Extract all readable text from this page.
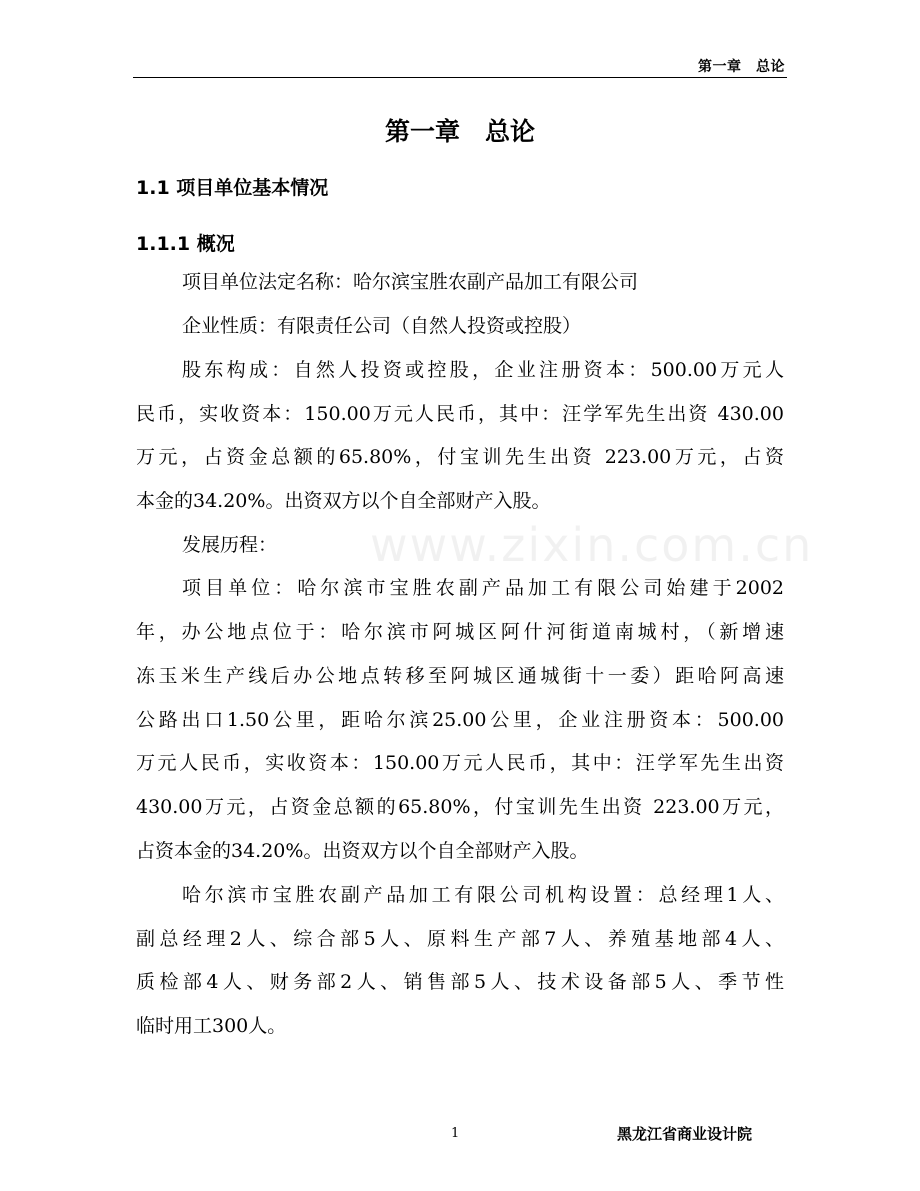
第一章　总论
第一章　总论
1.1 项目单位基本情况
1.1.1 概况
项目单位法定名称：哈尔滨宝胜农副产品加工有限公司
企业性质：有限责任公司（自然人投资或控股）
股东构成：自然人投资或控股，企业注册资本：500.00万元人
民币，实收资本：150.00万元人民币，其中：汪学军先生出资 430.00
万元，占资金总额的65.80%，付宝训先生出资 223.00万元，占资
本金的34.20%。出资双方以个自全部财产入股。
www.zixin.com.cn
发展历程：
项目单位：哈尔滨市宝胜农副产品加工有限公司始建于2002
年，办公地点位于：哈尔滨市阿城区阿什河街道南城村，（新增速
冻玉米生产线后办公地点转移至阿城区通城街十一委）距哈阿高速
公路出口1.50公里，距哈尔滨25.00公里，企业注册资本：500.00
万元人民币，实收资本：150.00万元人民币，其中：汪学军先生出资
430.00万元，占资金总额的65.80%，付宝训先生出资 223.00万元，
占资本金的34.20%。出资双方以个自全部财产入股。
哈尔滨市宝胜农副产品加工有限公司机构设置：总经理1人、
副总经理2人、综合部5人、原料生产部7人、养殖基地部4人、
质检部4人、财务部2人、销售部5人、技术设备部5人、季节性
临时用工300人。
1	黑龙江省商业设计院
